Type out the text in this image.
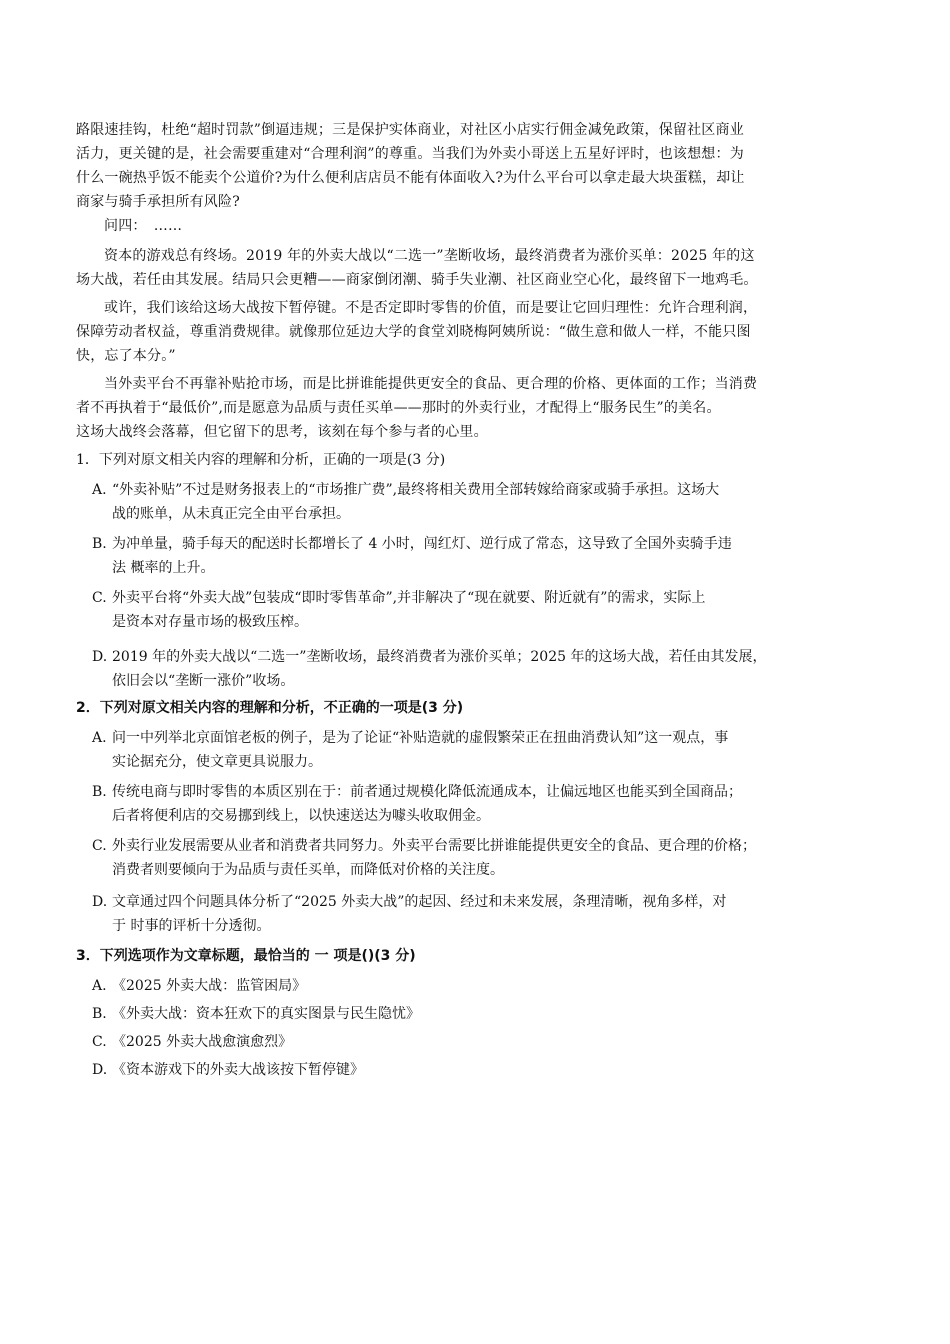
路限速挂钩，杜绝“超时罚款”倒逼违规；三是保护实体商业，对社区小店实行佣金减免政策，保留社区商业

活力，更关键的是，社会需要重建对“合理利润”的尊重。当我们为外卖小哥送上五星好评时，也该想想：为

什么一碗热乎饭不能卖个公道价?为什么便利店店员不能有体面收入?为什么平台可以拿走最大块蛋糕，却让

商家与骑手承担所有风险?

问四：　……

资本的游戏总有终场。2019 年的外卖大战以“二选一”垄断收场，最终消费者为涨价买单：2025 年的这

场大战，若任由其发展。结局只会更糟——商家倒闭潮、骑手失业潮、社区商业空心化，最终留下一地鸡毛。

或许，我们该给这场大战按下暂停键。不是否定即时零售的价值，而是要让它回归理性：允许合理利润，

保障劳动者权益，尊重消费规律。就像那位延边大学的食堂刘晓梅阿姨所说：“做生意和做人一样，不能只图

快，忘了本分。”

当外卖平台不再靠补贴抢市场，而是比拼谁能提供更安全的食品、更合理的价格、更体面的工作；当消费

者不再执着于“最低价”,而是愿意为品质与责任买单——那时的外卖行业，才配得上“服务民生”的美名。

这场大战终会落幕，但它留下的思考，该刻在每个参与者的心里。

1．下列对原文相关内容的理解和分析，正确的一项是(3 分)
A. “外卖补贴”不过是财务报表上的“市场推广费”,最终将相关费用全部转嫁给商家或骑手承担。这场大
战的账单，从未真正完全由平台承担。
B. 为冲单量，骑手每天的配送时长都增长了 4 小时，闯红灯、逆行成了常态，这导致了全国外卖骑手违
法 概率的上升。
C. 外卖平台将“外卖大战”包装成“即时零售革命”,并非解决了“现在就要、附近就有”的需求，实际上
是资本对存量市场的极致压榨。
D. 2019 年的外卖大战以“二选一”垄断收场，最终消费者为涨价买单；2025 年的这场大战，若任由其发展，
依旧会以“垄断一涨价”收场。
2．下列对原文相关内容的理解和分析，不正确的一项是(3 分)
A. 问一中列举北京面馆老板的例子，是为了论证“补贴造就的虚假繁荣正在扭曲消费认知”这一观点，事
实论据充分，使文章更具说服力。
B. 传统电商与即时零售的本质区别在于：前者通过规模化降低流通成本，让偏远地区也能买到全国商品；
后者将便利店的交易挪到线上，以快速送达为噱头收取佣金。
C. 外卖行业发展需要从业者和消费者共同努力。外卖平台需要比拼谁能提供更安全的食品、更合理的价格；
消费者则要倾向于为品质与责任买单，而降低对价格的关注度。
D. 文章通过四个问题具体分析了“2025 外卖大战”的起因、经过和未来发展，条理清晰，视角多样，对
于 时事的评析十分透彻。
3．下列选项作为文章标题，最恰当的 一 项是()(3 分)
A. 《2025 外卖大战：监管困局》
B. 《外卖大战：资本狂欢下的真实图景与民生隐忧》
C. 《2025 外卖大战愈演愈烈》
D. 《资本游戏下的外卖大战该按下暂停键》
